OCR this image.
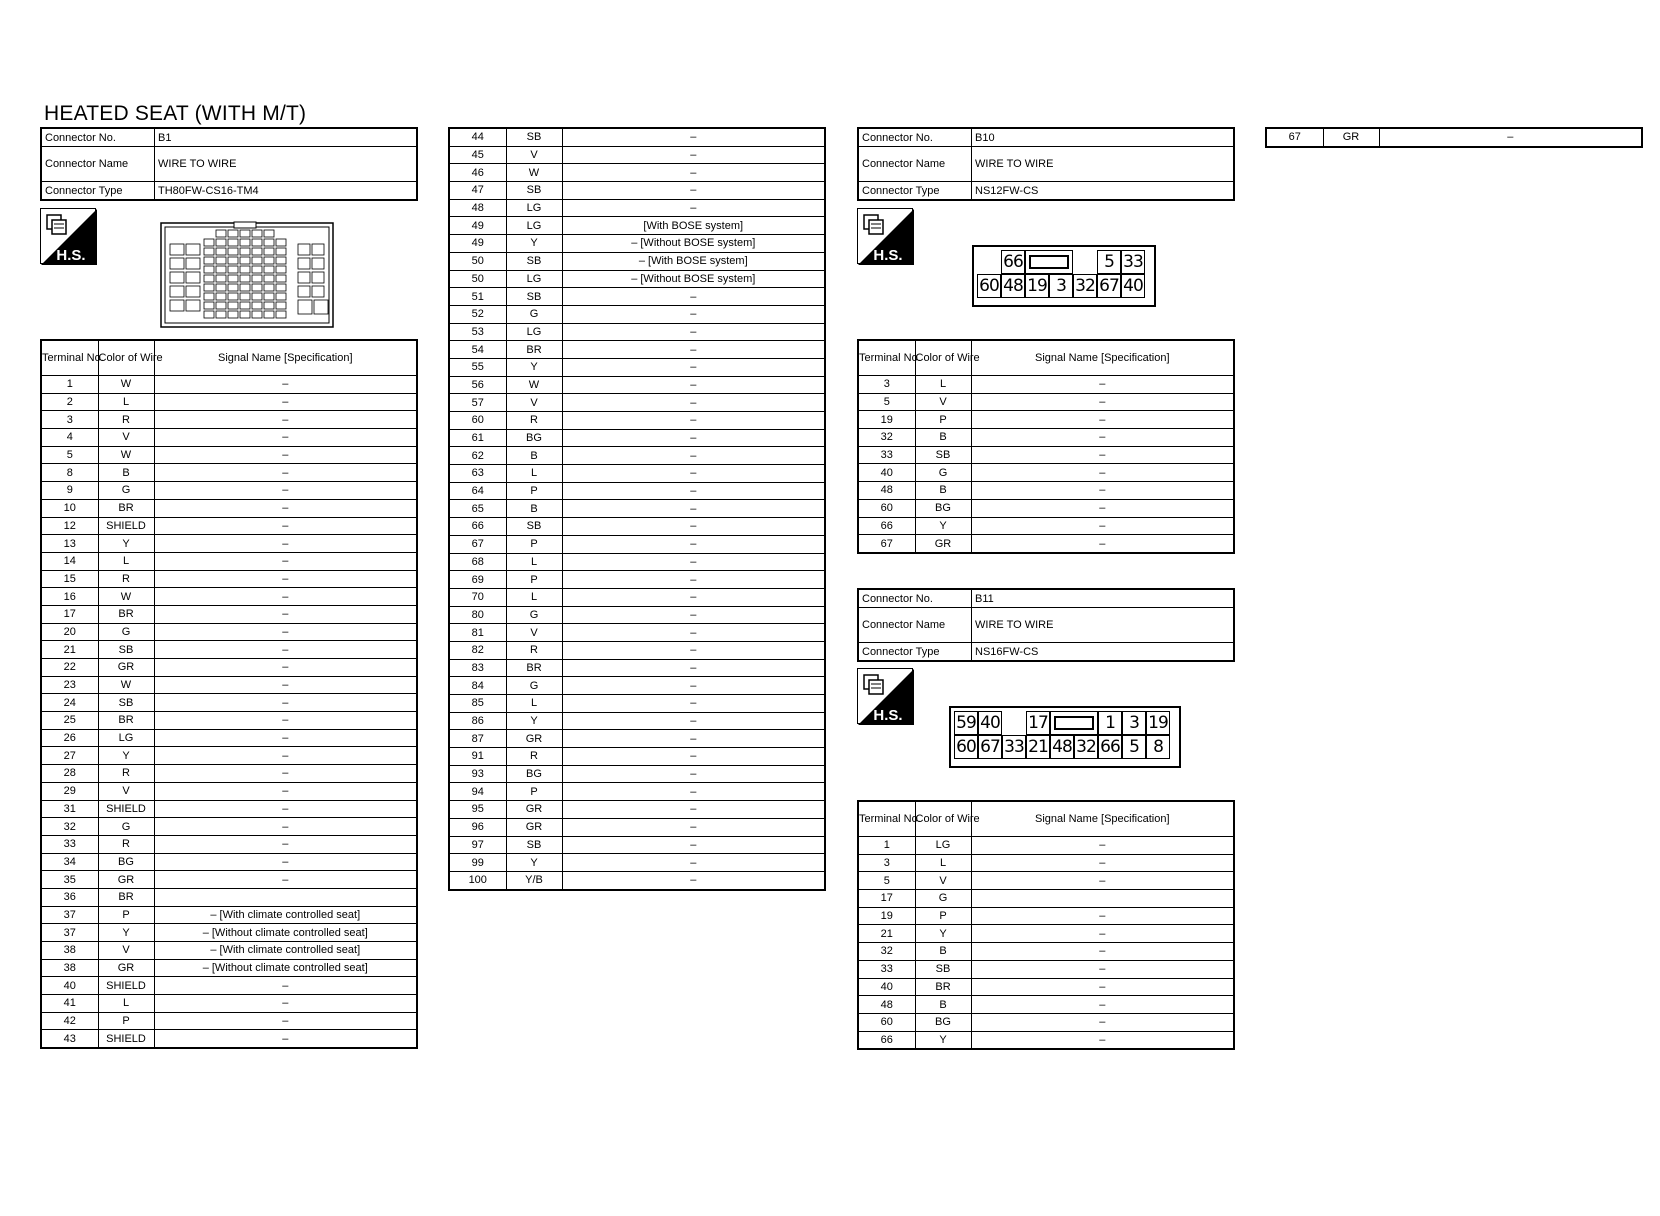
HEATED SEAT (WITH M/T)
Connector No.	B1
Connector Name	WIRE TO WIRE
Connector Type	TH80FW-CS16-TM4
H.S.
Terminal No.	Color of Wire	Signal Name [Specification]
1	W	–
2	L	–
3	R	–
4	V	–
5	W	–
8	B	–
9	G	–
10	BR	–
12	SHIELD	–
13	Y	–
14	L	–
15	R	–
16	W	–
17	BR	–
20	G	–
21	SB	–
22	GR	–
23	W	–
24	SB	–
25	BR	–
26	LG	–
27	Y	–
28	R	–
29	V	–
31	SHIELD	–
32	G	–
33	R	–
34	BG	–
35	GR	–
36	BR	
37	P	– [With climate controlled seat]
37	Y	– [Without climate controlled seat]
38	V	– [With climate controlled seat]
38	GR	– [Without climate controlled seat]
40	SHIELD	–
41	L	–
42	P	–
43	SHIELD	–
44	SB	–
45	V	–
46	W	–
47	SB	–
48	LG	–
49	LG	[With BOSE system]
49	Y	– [Without BOSE system]
50	SB	– [With BOSE system]
50	LG	– [Without BOSE system]
51	SB	–
52	G	–
53	LG	–
54	BR	–
55	Y	–
56	W	–
57	V	–
60	R	–
61	BG	–
62	B	–
63	L	–
64	P	–
65	B	–
66	SB	–
67	P	–
68	L	–
69	P	–
70	L	–
80	G	–
81	V	–
82	R	–
83	BR	–
84	G	–
85	L	–
86	Y	–
87	GR	–
91	R	–
93	BG	–
94	P	–
95	GR	–
96	GR	–
97	SB	–
99	Y	–
100	Y/B	–
Connector No.	B10
Connector Name	WIRE TO WIRE
Connector Type	NS12FW-CS
H.S.	66	5 33
60 48 19 3 32 67 40
Terminal No.	Color of Wire	Signal Name [Specification]
3	L	–
5	V	–
19	P	–
32	B	–
33	SB	–
40	G	–
48	B	–
60	BG	–
66	Y	–
67	GR	–
Connector No.	B11
Connector Name	WIRE TO WIRE
Connector Type	NS16FW-CS
H.S.	59 40 17	1 3 19
60 67 33 21 48 32 66 5 8
Terminal No.	Color of Wire	Signal Name [Specification]
1	LG	–
3	L	–
5	V	–
17	G	
19	P	–
21	Y	–
32	B	–
33	SB	–
40	BR	–
48	B	–
60	BG	–
66	Y	–
67	GR	–
